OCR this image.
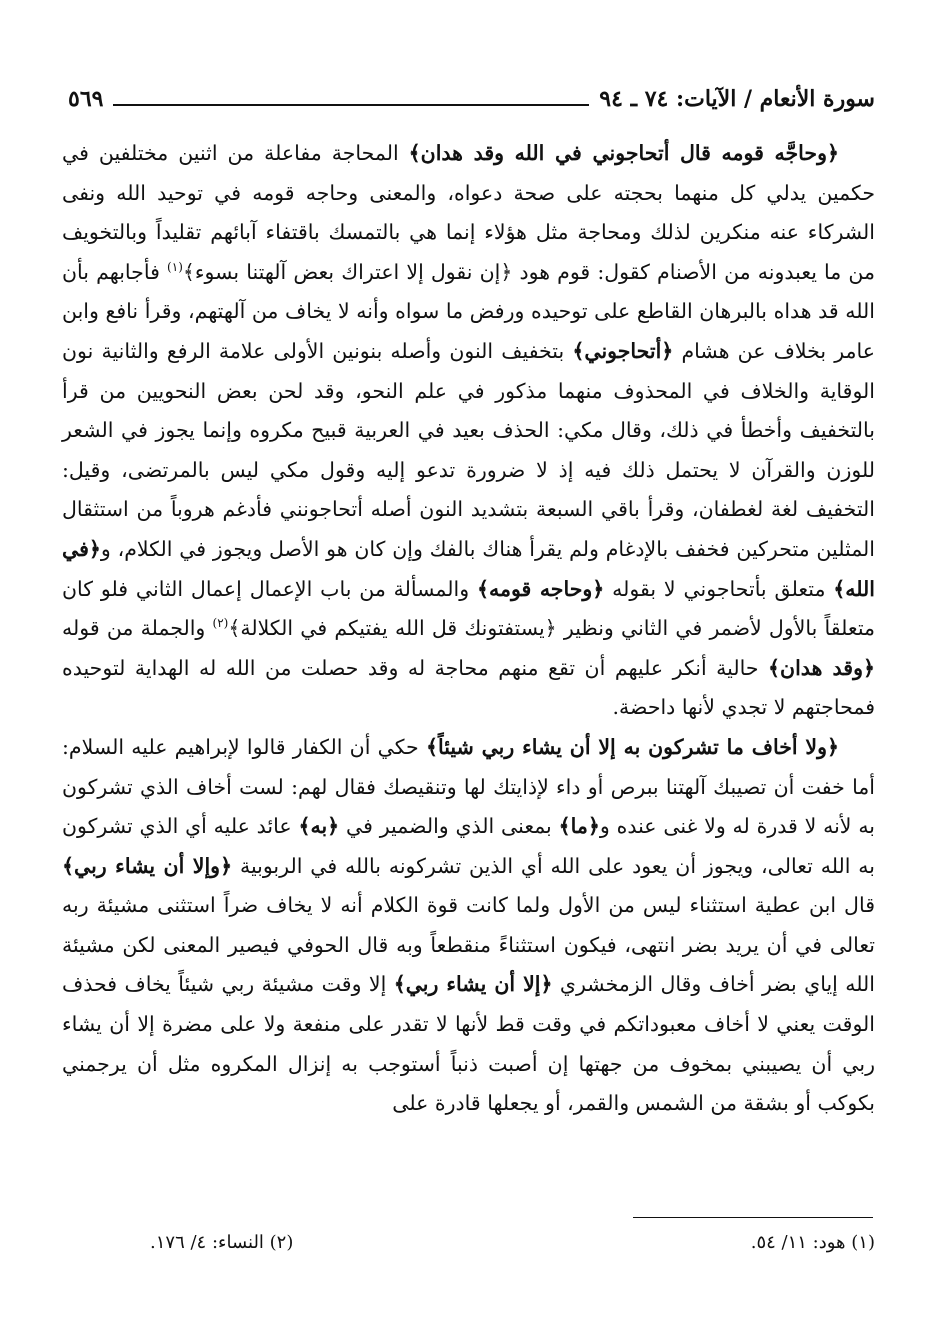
سورة الأنعام / الآيات: ٧٤ ـ ٩٤
٥٦٩

﴿وحاجَّه قومه قال أتحاجوني في الله وقد هدان﴾ المحاجة مفاعلة من اثنين مختلفين في حكمين يدلي كل منهما بحجته على صحة دعواه، والمعنى وحاجه قومه في توحيد الله ونفى الشركاء عنه منكرين لذلك ومحاجة مثل هؤلاء إنما هي بالتمسك باقتفاء آبائهم تقليداً وبالتخويف من ما يعبدونه من الأصنام كقول: قوم هود ﴿إن نقول إلا اعتراك بعض آلهتنا بسوء﴾$^{(١)}$ فأجابهم بأن الله قد هداه بالبرهان القاطع على توحيده ورفض ما سواه وأنه لا يخاف من آلهتهم، وقرأ نافع وابن عامر بخلاف عن هشام ﴿أتحاجوني﴾ بتخفيف النون وأصله بنونين الأولى علامة الرفع والثانية نون الوقاية والخلاف في المحذوف منهما مذكور في علم النحو، وقد لحن بعض النحويين من قرأ بالتخفيف وأخطأ في ذلك، وقال مكي: الحذف بعيد في العربية قبيح مكروه وإنما يجوز في الشعر للوزن والقرآن لا يحتمل ذلك فيه إذ لا ضرورة تدعو إليه وقول مكي ليس بالمرتضى، وقيل: التخفيف لغة لغطفان، وقرأ باقي السبعة بتشديد النون أصله أتحاجونني فأدغم هروباً من استثقال المثلين متحركين فخفف بالإدغام ولم يقرأ هناك بالفك وإن كان هو الأصل ويجوز في الكلام، و﴿في الله﴾ متعلق بأتحاجوني لا بقوله ﴿وحاجه قومه﴾ والمسألة من باب الإعمال إعمال الثاني فلو كان متعلقاً بالأول لأضمر في الثاني ونظير ﴿يستفتونك قل الله يفتيكم في الكلالة﴾$^{(٢)}$ والجملة من قوله ﴿وقد هدان﴾ حالية أنكر عليهم أن تقع منهم محاجة له وقد حصلت من الله له الهداية لتوحيده فمحاجتهم لا تجدي لأنها داحضة.

﴿ولا أخاف ما تشركون به إلا أن يشاء ربي شيئاً﴾ حكي أن الكفار قالوا لإبراهيم عليه السلام: أما خفت أن تصيبك آلهتنا ببرص أو داء لإذايتك لها وتنقيصك فقال لهم: لست أخاف الذي تشركون به لأنه لا قدرة له ولا غنى عنده و﴿ما﴾ بمعنى الذي والضمير في ﴿به﴾ عائد عليه أي الذي تشركون به الله تعالى، ويجوز أن يعود على الله أي الذين تشركونه بالله في الربوبية ﴿وإلا أن يشاء ربي﴾ قال ابن عطية استثناء ليس من الأول ولما كانت قوة الكلام أنه لا يخاف ضراً استثنى مشيئة ربه تعالى في أن يريد بضر انتهى، فيكون استثناءً منقطعاً وبه قال الحوفي فيصير المعنى لكن مشيئة الله إياي بضر أخاف وقال الزمخشري ﴿إلا أن يشاء ربي﴾ إلا وقت مشيئة ربي شيئاً يخاف فحذف الوقت يعني لا أخاف معبوداتكم في وقت قط لأنها لا تقدر على منفعة ولا على مضرة إلا أن يشاء ربي أن يصيبني بمخوف من جهتها إن أصبت ذنباً أستوجب به إنزال المكروه مثل أن يرجمني بكوكب أو بشقة من الشمس والقمر، أو يجعلها قادرة على

(١) هود: ١١/ ٥٤.
(٢) النساء: ٤/ ١٧٦.
